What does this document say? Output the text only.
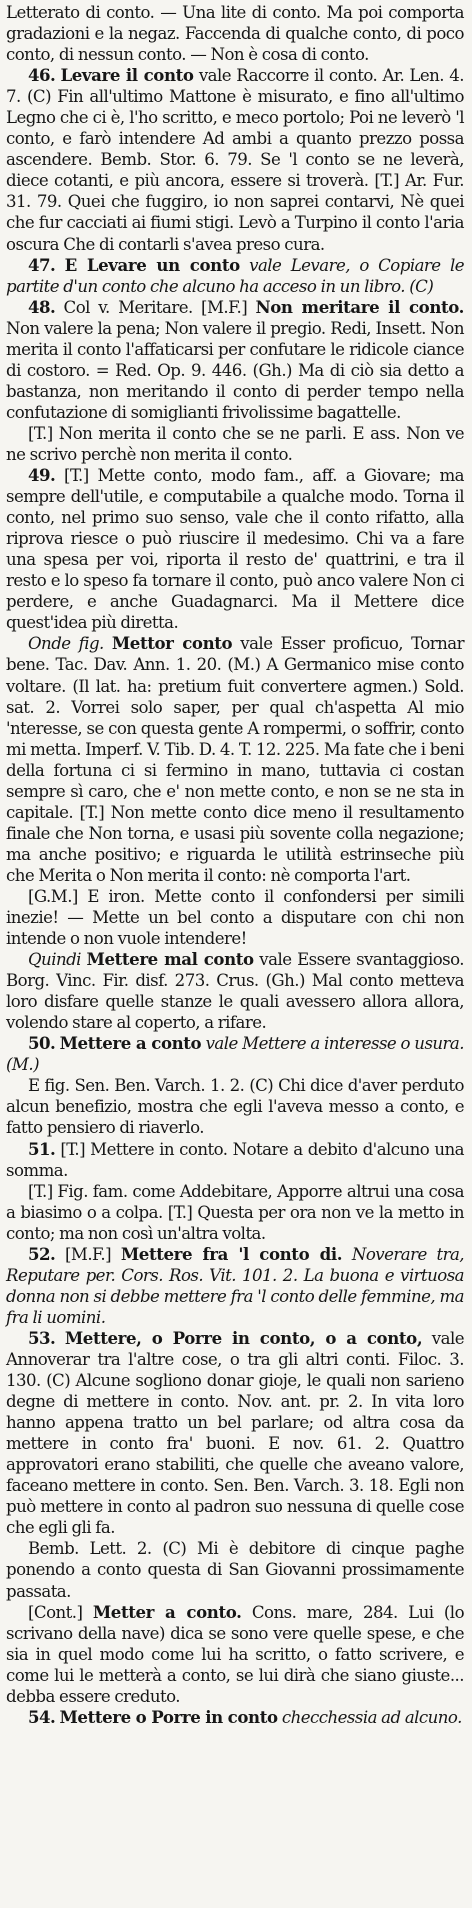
Letterato di conto. — Una lite di conto. Ma poi comporta gradazioni e la negaz. Faccenda di qualche conto, di poco conto, di nessun conto. — Non è cosa di conto.

46. Levare il conto vale Raccorre il conto. Ar. Len. 4. 7. (C) Fin all'ultimo Mattone è misurato, e fino all'ultimo Legno che ci è, l'ho scritto, e meco portolo; Poi ne leverò 'l conto, e farò intendere Ad ambi a quanto prezzo possa ascendere. Bemb. Stor. 6. 79. Se 'l conto se ne leverà, diece cotanti, e più ancora, essere si troverà. [T.] Ar. Fur. 31. 79. Quei che fuggiro, io non saprei contarvi, Nè quei che fur cacciati ai fiumi stigi. Levò a Turpino il conto l'aria oscura Che di contarli s'avea preso cura.

47. E Levare un conto vale Levare, o Copiare le partite d'un conto che alcuno ha acceso in un libro. (C)

48. Col v. Meritare. [M.F.] Non meritare il conto. Non valere la pena; Non valere il pregio. Redi, Insett. Non merita il conto l'affaticarsi per confutare le ridicole ciance di costoro. = Red. Op. 9. 446. (Gh.) Ma di ciò sia detto a bastanza, non meritando il conto di perder tempo nella confutazione di somiglianti frivolissime bagattelle.

[T.] Non merita il conto che se ne parli. E ass. Non ve ne scrivo perchè non merita il conto.

49. [T.] Mette conto, modo fam., aff. a Giovare; ma sempre dell'utile, e computabile a qualche modo. Torna il conto, nel primo suo senso, vale che il conto rifatto, alla riprova riesce o può riuscire il medesimo. Chi va a fare una spesa per voi, riporta il resto de' quattrini, e tra il resto e lo speso fa tornare il conto, può anco valere Non ci perdere, e anche Guadagnarci. Ma il Mettere dice quest'idea più diretta.

Onde fig. Mettor conto vale Esser proficuo, Tornar bene. Tac. Dav. Ann. 1. 20. (M.) A Germanico mise conto voltare. (Il lat. ha: pretium fuit convertere agmen.) Sold. sat. 2. Vorrei solo saper, per qual ch'aspetta Al mio 'nteresse, se con questa gente A rompermi, o soffrir, conto mi metta. Imperf. V. Tib. D. 4. T. 12. 225. Ma fate che i beni della fortuna ci si fermino in mano, tuttavia ci costan sempre sì caro, che e' non mette conto, e non se ne sta in capitale. [T.] Non mette conto dice meno il resultamento finale che Non torna, e usasi più sovente colla negazione; ma anche positivo; e riguarda le utilità estrinseche più che Merita o Non merita il conto: nè comporta l'art.

[G.M.] E iron. Mette conto il confondersi per simili inezie! — Mette un bel conto a disputare con chi non intende o non vuole intendere!

Quindi Mettere mal conto vale Essere svantaggioso. Borg. Vinc. Fir. disf. 273. Crus. (Gh.) Mal conto metteva loro disfare quelle stanze le quali avessero allora allora, volendo stare al coperto, a rifare.

50. Mettere a conto vale Mettere a interesse o usura. (M.)

E fig. Sen. Ben. Varch. 1. 2. (C) Chi dice d'aver perduto alcun benefizio, mostra che egli l'aveva messo a conto, e fatto pensiero di riaverlo.

51. [T.] Mettere in conto. Notare a debito d'alcuno una somma.

[T.] Fig. fam. come Addebitare, Apporre altrui una cosa a biasimo o a colpa. [T.] Questa per ora non ve la metto in conto; ma non così un'altra volta.

52. [M.F.] Mettere fra 'l conto di. Noverare tra, Reputare per. Cors. Ros. Vit. 101. 2. La buona e virtuosa donna non si debbe mettere fra 'l conto delle femmine, ma fra li uomini.

53. Mettere, o Porre in conto, o a conto, vale Annoverar tra l'altre cose, o tra gli altri conti. Filoc. 3. 130. (C) Alcune sogliono donar gioje, le quali non sarieno degne di mettere in conto. Nov. ant. pr. 2. In vita loro hanno appena tratto un bel parlare; od altra cosa da mettere in conto fra' buoni. E nov. 61. 2. Quattro approvatori erano stabiliti, che quelle che aveano valore, faceano mettere in conto. Sen. Ben. Varch. 3. 18. Egli non può mettere in conto al padron suo nessuna di quelle cose che egli gli fa.

Bemb. Lett. 2. (C) Mi è debitore di cinque paghe ponendo a conto questa di San Giovanni prossimamente passata.

[Cont.] Metter a conto. Cons. mare, 284. Lui (lo scrivano della nave) dica se sono vere quelle spese, e che sia in quel modo come lui ha scritto, o fatto scrivere, e come lui le metterà a conto, se lui dirà che siano giuste... debba essere creduto.

54. Mettere o Porre in conto checchessia ad alcuno.
